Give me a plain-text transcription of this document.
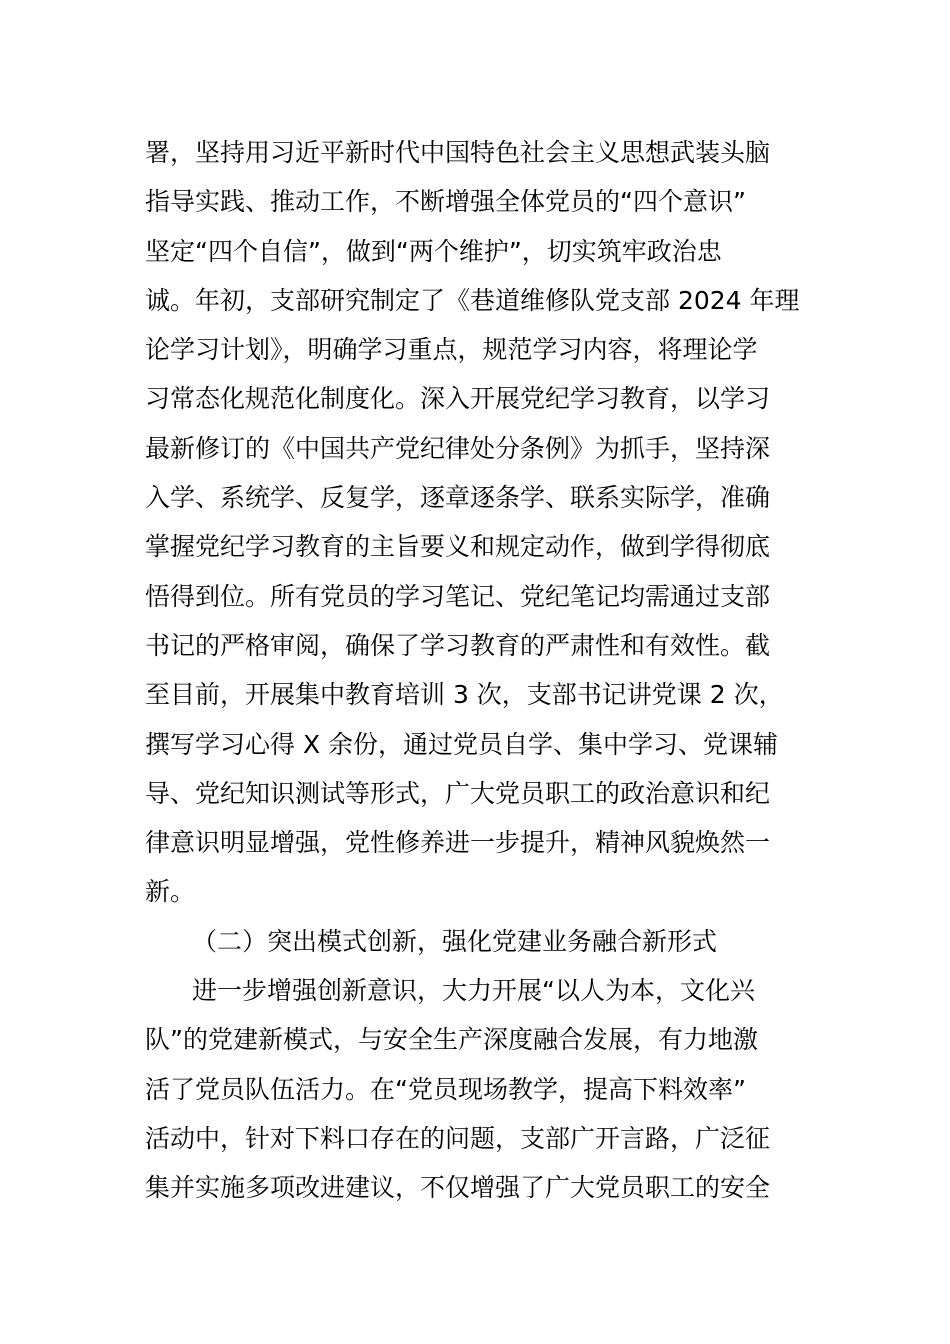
署，坚持用习近平新时代中国特色社会主义思想武装头脑
指导实践、推动工作，不断增强全体党员的“四个意识”
坚定“四个自信”，做到“两个维护”，切实筑牢政治忠
诚。年初，支部研究制定了《巷道维修队党支部 2024 年理
论学习计划》，明确学习重点，规范学习内容，将理论学
习常态化规范化制度化。深入开展党纪学习教育，以学习
最新修订的《中国共产党纪律处分条例》为抓手，坚持深
入学、系统学、反复学，逐章逐条学、联系实际学，准确
掌握党纪学习教育的主旨要义和规定动作，做到学得彻底
悟得到位。所有党员的学习笔记、党纪笔记均需通过支部
书记的严格审阅，确保了学习教育的严肃性和有效性。截
至目前，开展集中教育培训 3 次，支部书记讲党课 2 次，
撰写学习心得 X 余份，通过党员自学、集中学习、党课辅
导、党纪知识测试等形式，广大党员职工的政治意识和纪
律意识明显增强，党性修养进一步提升，精神风貌焕然一
新。
（二）突出模式创新，强化党建业务融合新形式
进一步增强创新意识，大力开展“以人为本，文化兴
队”的党建新模式，与安全生产深度融合发展，有力地激
活了党员队伍活力。在“党员现场教学，提高下料效率”
活动中，针对下料口存在的问题，支部广开言路，广泛征
集并实施多项改进建议，不仅增强了广大党员职工的安全
